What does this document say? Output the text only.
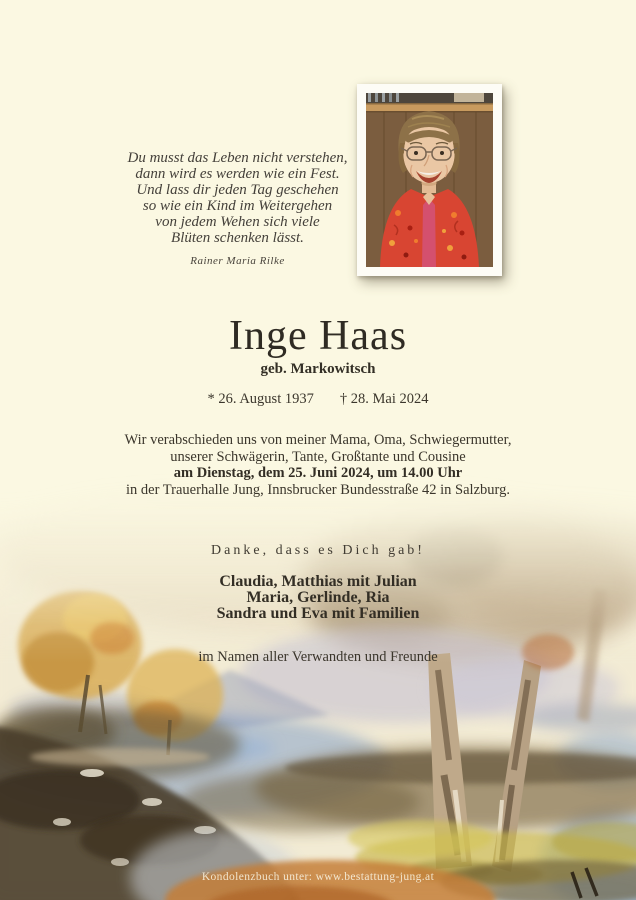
Du musst das Leben nicht verstehen,
dann wird es werden wie ein Fest.
Und lass dir jeden Tag geschehen
so wie ein Kind im Weitergehen
von jedem Wehen sich viele
Blüten schenken lässt.
Rainer Maria Rilke
Inge Haas
geb. Markowitsch
* 26. August 1937 † 28. Mai 2024
Wir verabschieden uns von meiner Mama, Oma, Schwiegermutter,
unserer Schwägerin, Tante, Großtante und Cousine
am Dienstag, dem 25. Juni 2024, um 14.00 Uhr
in der Trauerhalle Jung, Innsbrucker Bundesstraße 42 in Salzburg.
Danke, dass es Dich gab!
Claudia, Matthias mit Julian
Maria, Gerlinde, Ria
Sandra und Eva mit Familien
im Namen aller Verwandten und Freunde
Kondolenzbuch unter: www.bestattung-jung.at
